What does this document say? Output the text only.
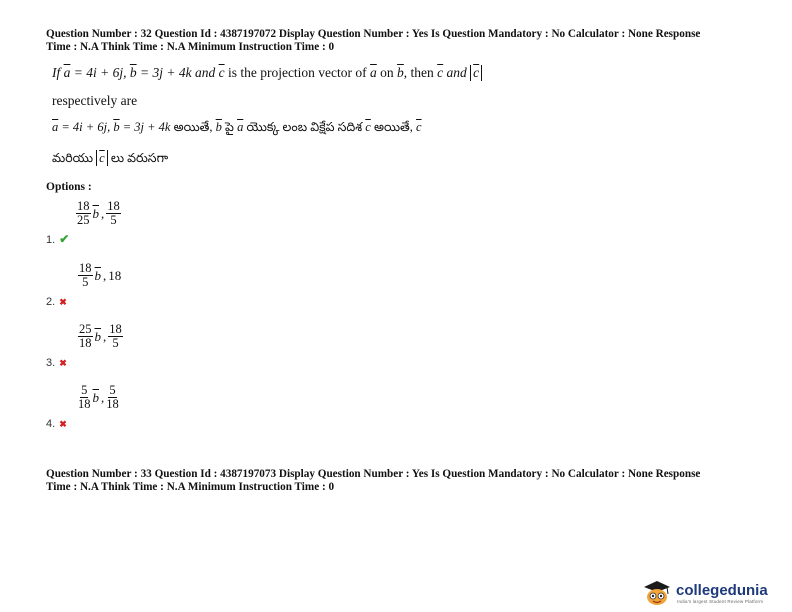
Question Number : 32 Question Id : 4387197072 Display Question Number : Yes Is Question Mandatory : No Calculator : None Response
Time : N.A Think Time : N.A Minimum Instruction Time : 0
If $\overline{a} = 4i + 6j$, $\overline{b} = 3j + 4k$ and $\overline{c}$ is the projection vector of $\overline{a}$ on $\overline{b}$, then $\overline{c}$ and $\overline{c}$
respectively are
$\overline{a} = 4i + 6j$, $\overline{b} = 3j + 4k$ అయితే, $\overline{b}$ పై $\overline{a}$ యొక్క లంబ విక్షేప సదిశ $\overline{c}$ అయితే, $\overline{c}$
మరియు $\overline{c}$ లు వరుసగా
Options :
$\frac{18}{25} \overline{b}$ , $\frac{18}{5}$
1. ✔
$\frac{18}{5} \overline{b}$ , 18
2. ✖
$\frac{25}{18} \overline{b}$ , $\frac{18}{5}$
3. ✖
$\frac{5}{18} \overline{b}$ , $\frac{5}{18}$
4. ✖
Question Number : 33 Question Id : 4387197073 Display Question Number : Yes Is Question Mandatory : No Calculator : None Response
Time : N.A Think Time : N.A Minimum Instruction Time : 0
collegedunia
India's largest Student Review Platform
